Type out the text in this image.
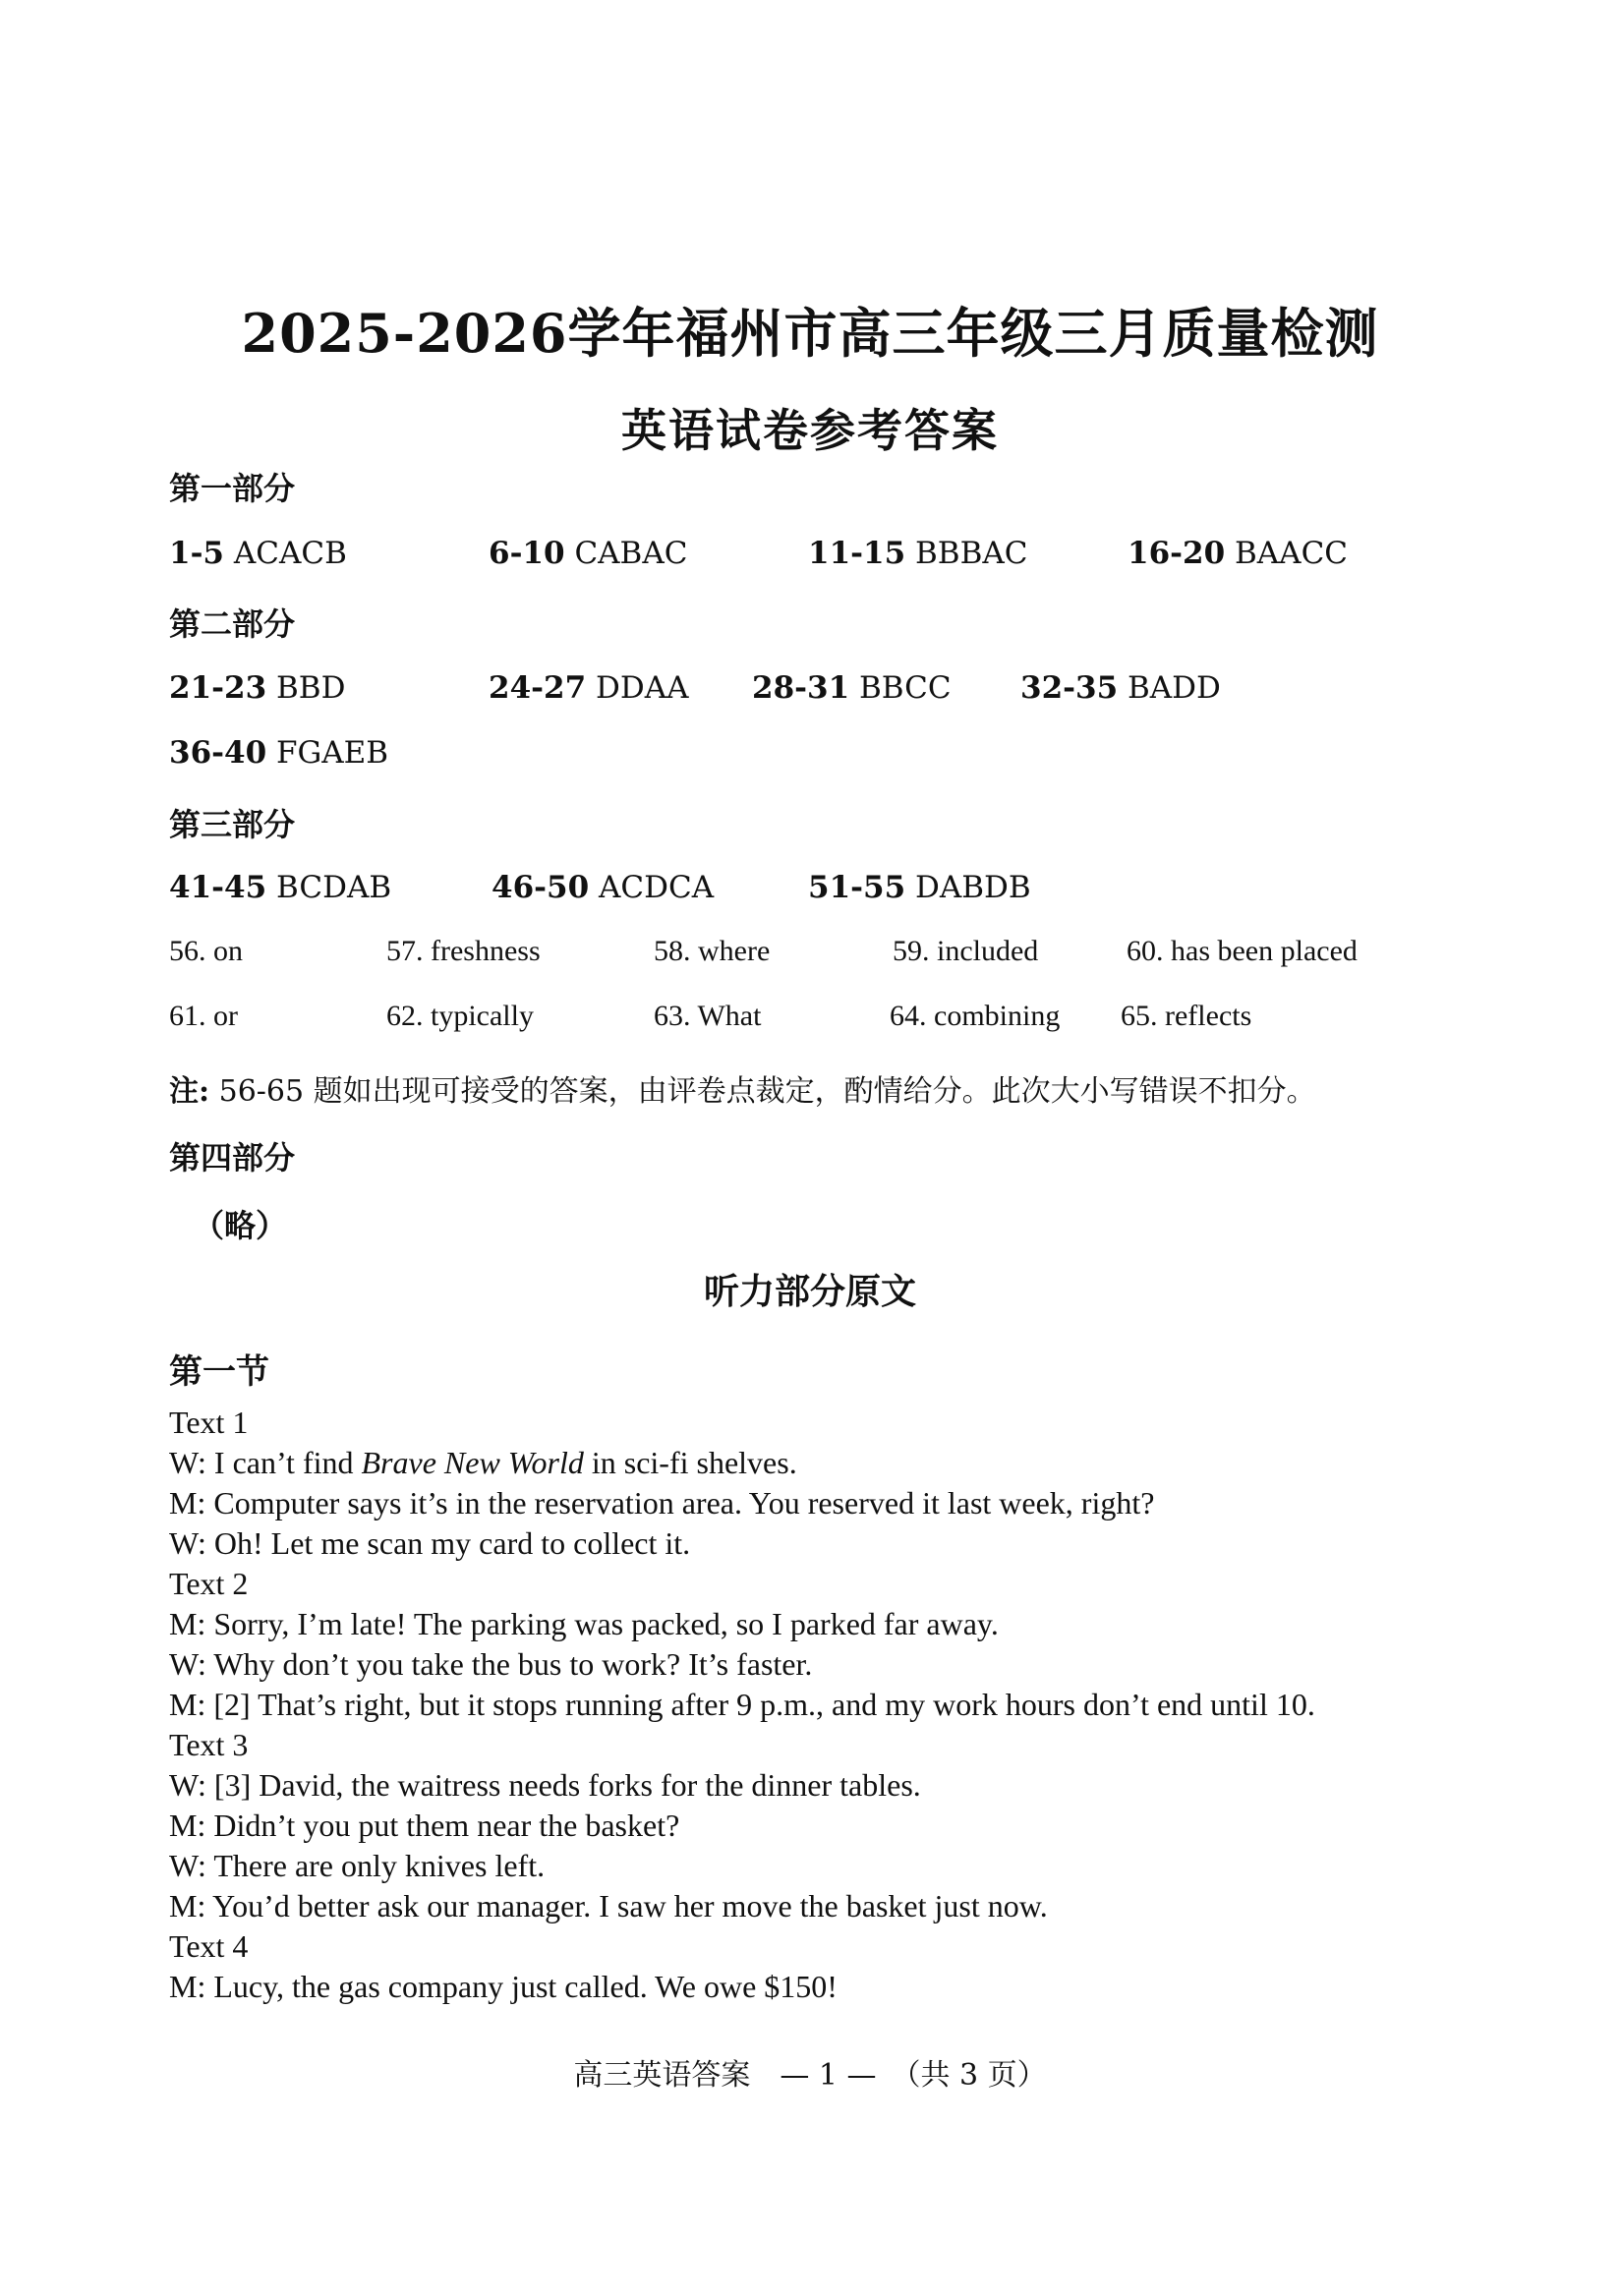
2025-2026学年福州市高三年级三月质量检测
英语试卷参考答案
第一部分
1-5 ACACB	6-10 CABAC	11-15 BBBAC	16-20 BAACC
第二部分
21-23 BBD	24-27 DDAA 28-31 BBCC 32-35 BADD
36-40 FGAEB
第三部分
41-45 BCDAB	46-50 ACDCA	51-55 DABDB
56. on	57. freshness	58. where	59. included	60. has been placed
61. or	62. typically	63. What	64. combining 65. reflects
注: 56-65 题如出现可接受的答案，由评卷点裁定，酌情给分。此次大小写错误不扣分。
第四部分
（略）
听力部分原文
第一节
Text 1
W: I can’t find Brave New World in sci-fi shelves.
M: Computer says it’s in the reservation area. You reserved it last week, right?
W: Oh! Let me scan my card to collect it.
Text 2
M: Sorry, I’m late! The parking was packed, so I parked far away.
W: Why don’t you take the bus to work? It’s faster.
M: [2] That’s right, but it stops running after 9 p.m., and my work hours don’t end until 10.
Text 3
W: [3] David, the waitress needs forks for the dinner tables.
M: Didn’t you put them near the basket?
W: There are only knives left.
M: You’d better ask our manager. I saw her move the basket just now.
Text 4
M: Lucy, the gas company just called. We owe $150!
高三英语答案　— 1 —　（共 3 页）
